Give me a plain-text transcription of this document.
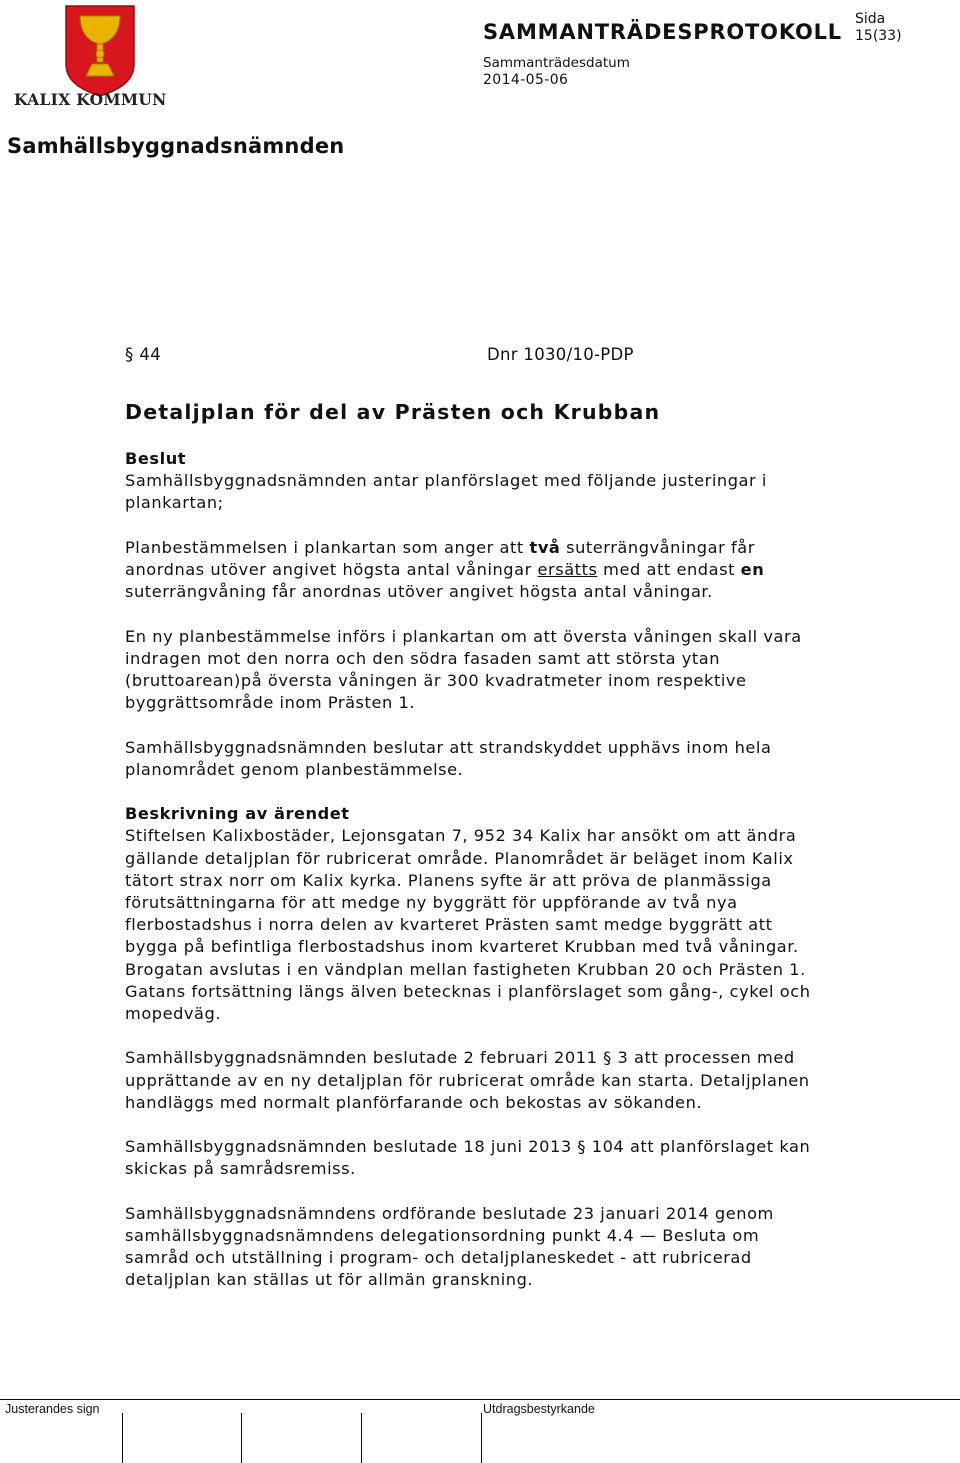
KALIX KOMMUN
SAMMANTRÄDESPROTOKOLL
Sida
15(33)
Sammanträdesdatum
2014-05-06
Samhällsbyggnadsnämnden
§ 44	Dnr 1030/10-PDP
Detaljplan för del av Prästen och Krubban

Beslut

Samhällsbyggnadsnämnden antar planförslaget med följande justeringar i plankartan;

Planbestämmelsen i plankartan som anger att två suterrängvåningar får anordnas utöver angivet högsta antal våningar ersätts med att endast en suterrängvåning får anordnas utöver angivet högsta antal våningar.

En ny planbestämmelse införs i plankartan om att översta våningen skall vara indragen mot den norra och den södra fasaden samt att största ytan (bruttoarean)på översta våningen är 300 kvadratmeter inom respektive byggrättsområde inom Prästen 1.

Samhällsbyggnadsnämnden beslutar att strandskyddet upphävs inom hela planområdet genom planbestämmelse.

Beskrivning av ärendet

Stiftelsen Kalixbostäder, Lejonsgatan 7, 952 34 Kalix har ansökt om att ändra gällande detaljplan för rubricerat område. Planområdet är beläget inom Kalix tätort strax norr om Kalix kyrka. Planens syfte är att pröva de planmässiga förutsättningarna för att medge ny byggrätt för uppförande av två nya flerbostadshus i norra delen av kvarteret Prästen samt medge byggrätt att bygga på befintliga flerbostadshus inom kvarteret Krubban med två våningar. Brogatan avslutas i en vändplan mellan fastigheten Krubban 20 och Prästen 1. Gatans fortsättning längs älven betecknas i planförslaget som gång-, cykel och mopedväg.

Samhällsbyggnadsnämnden beslutade 2 februari 2011 § 3 att processen med upprättande av en ny detaljplan för rubricerat område kan starta. Detaljplanen handläggs med normalt planförfarande och bekostas av sökanden.

Samhällsbyggnadsnämnden beslutade 18 juni 2013 § 104 att planförslaget kan skickas på samrådsremiss.

Samhällsbyggnadsnämndens ordförande beslutade 23 januari 2014 genom samhällsbyggnadsnämndens delegationsordning punkt 4.4 — Besluta om samråd och utställning i program- och detaljplaneskedet - att rubricerad detaljplan kan ställas ut för allmän granskning.

Justerandes sign	Utdragsbestyrkande
